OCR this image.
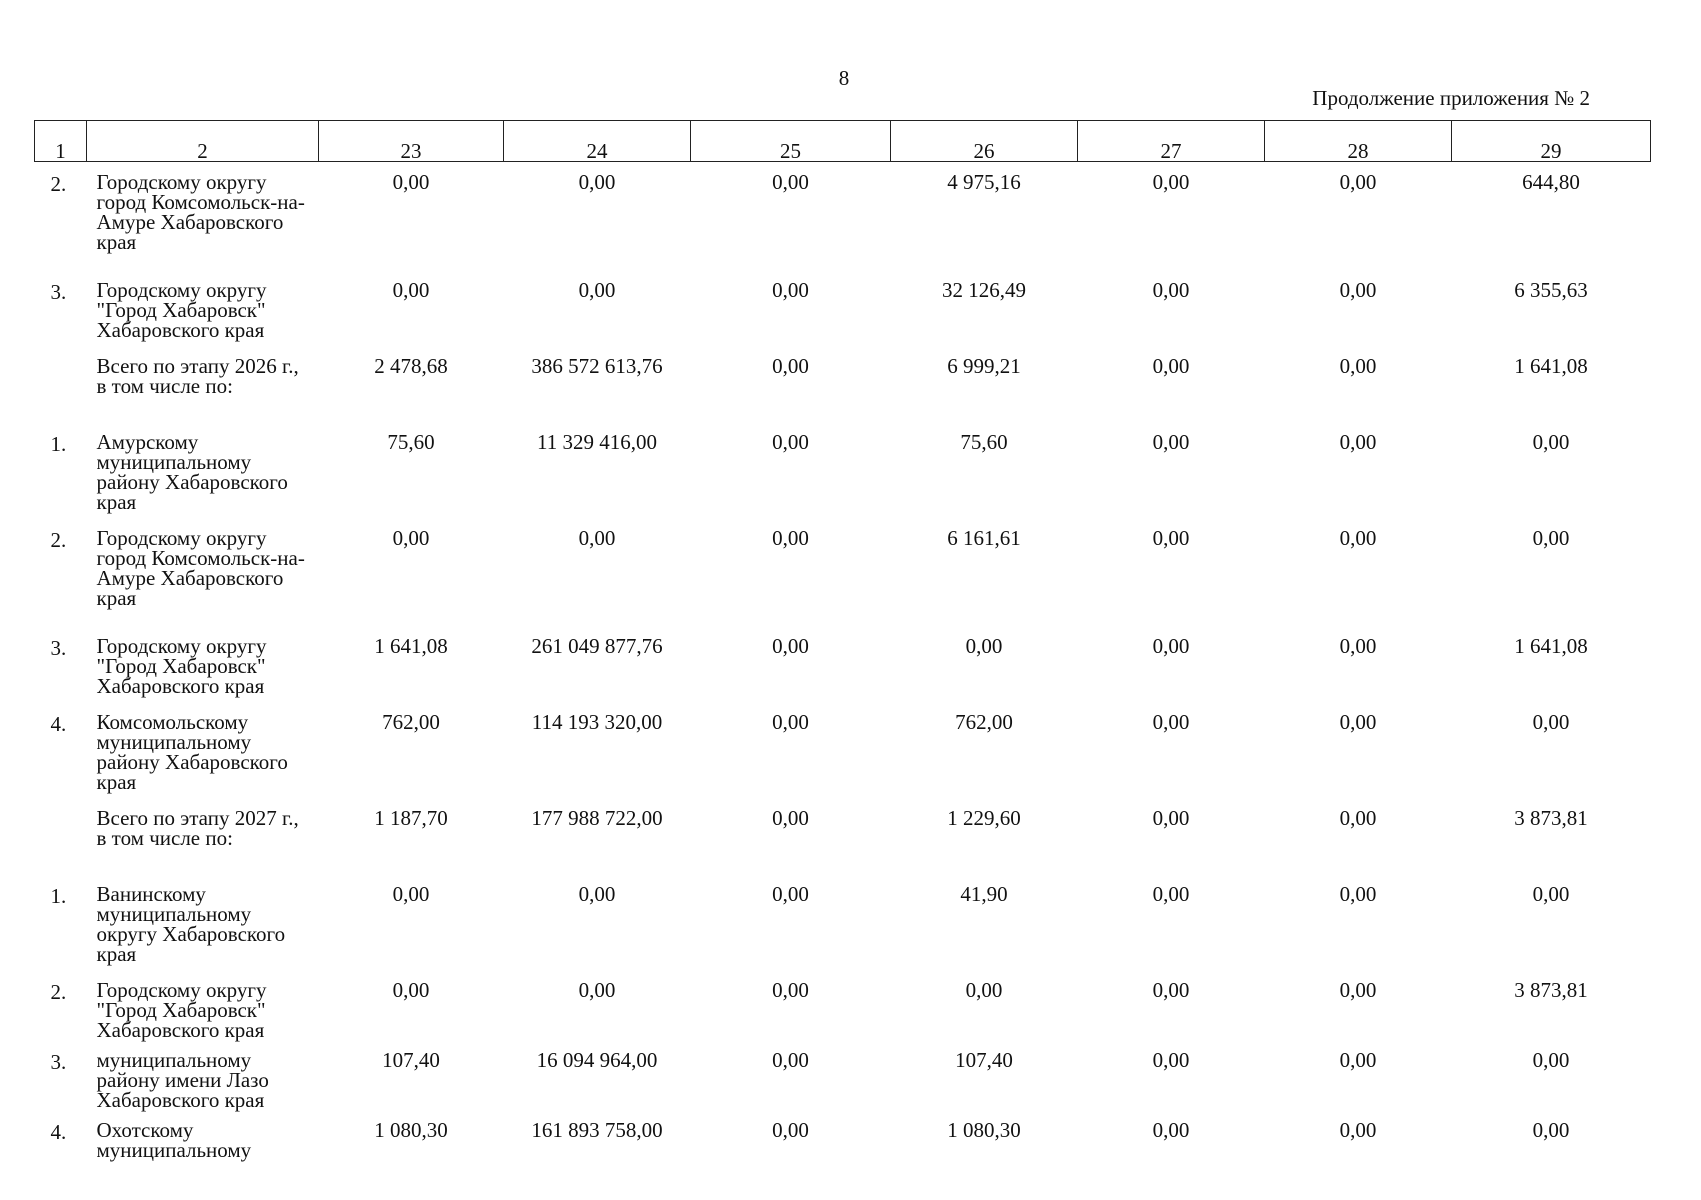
8
Продолжение приложения № 2
1	2	23	24	25	26	27	28	29
2.	Городскому округу город Комсомольск-на-Амуре Хабаровского края	0,00	0,00	0,00	4 975,16	0,00	0,00	644,80
3.	Городскому округу "Город Хабаровск" Хабаровского края	0,00	0,00	0,00	32 126,49	0,00	0,00	6 355,63
	Всего по этапу 2026 г., в том числе по:	2 478,68	386 572 613,76	0,00	6 999,21	0,00	0,00	1 641,08
1.	Амурскому муниципальному району Хабаровского края	75,60	11 329 416,00	0,00	75,60	0,00	0,00	0,00
2.	Городскому округу город Комсомольск-на-Амуре Хабаровского края	0,00	0,00	0,00	6 161,61	0,00	0,00	0,00
3.	Городскому округу "Город Хабаровск" Хабаровского края	1 641,08	261 049 877,76	0,00	0,00	0,00	0,00	1 641,08
4.	Комсомольскому муниципальному району Хабаровского края	762,00	114 193 320,00	0,00	762,00	0,00	0,00	0,00
	Всего по этапу 2027 г., в том числе по:	1 187,70	177 988 722,00	0,00	1 229,60	0,00	0,00	3 873,81
1.	Ванинскому муниципальному округу Хабаровского края	0,00	0,00	0,00	41,90	0,00	0,00	0,00
2.	Городскому округу "Город Хабаровск" Хабаровского края	0,00	0,00	0,00	0,00	0,00	0,00	3 873,81
3.	муниципальному району имени Лазо Хабаровского края	107,40	16 094 964,00	0,00	107,40	0,00	0,00	0,00
4.	Охотскому муниципальному	1 080,30	161 893 758,00	0,00	1 080,30	0,00	0,00	0,00
